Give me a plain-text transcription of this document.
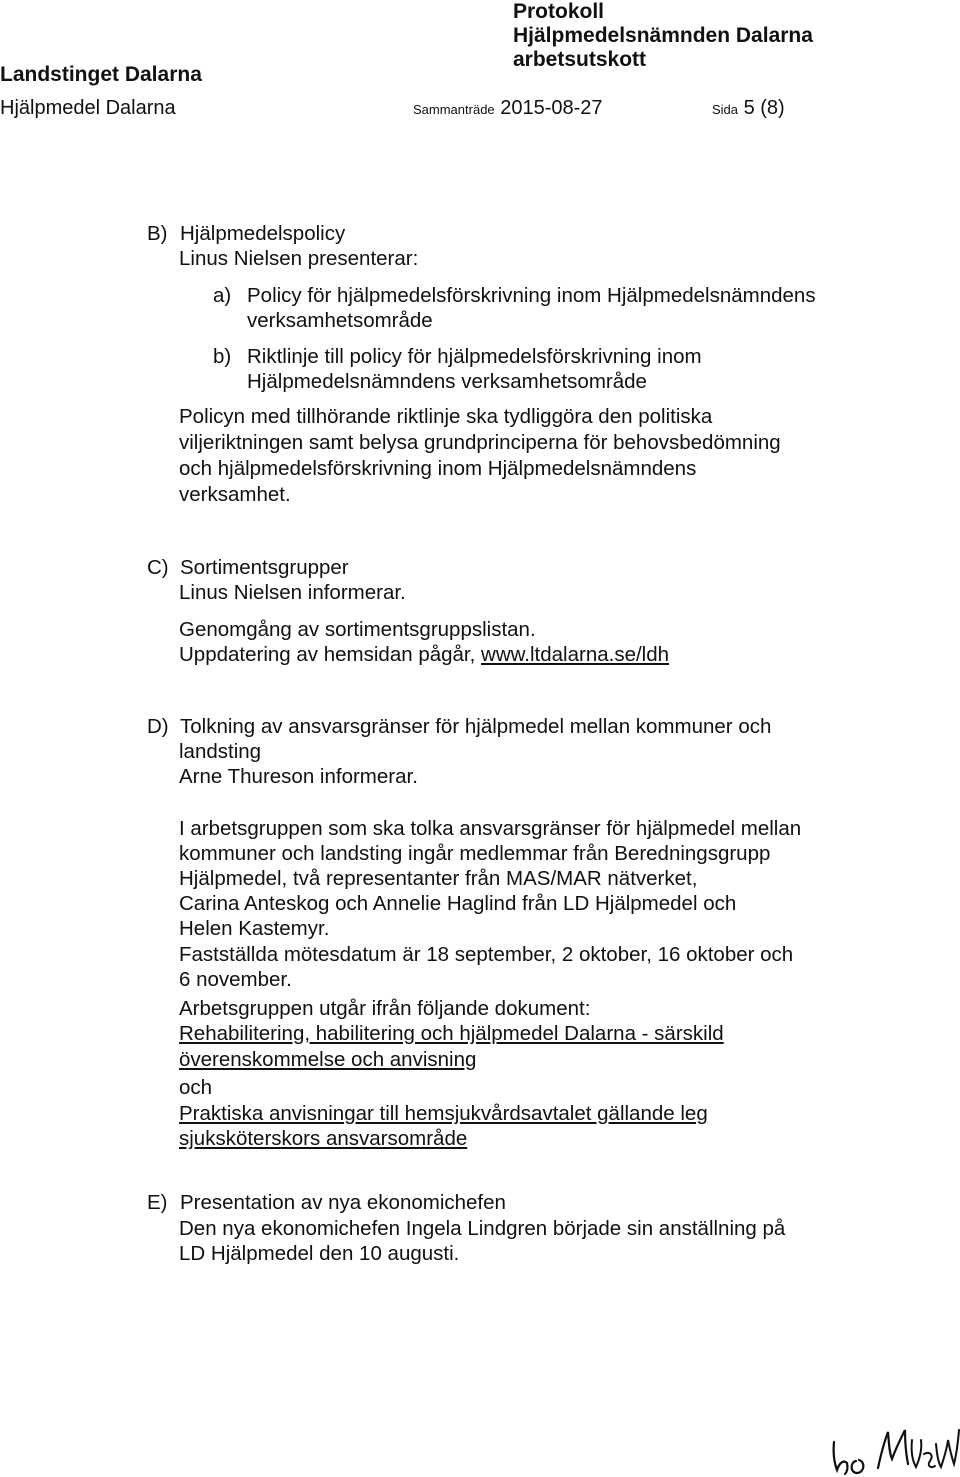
Protokoll
Hjälpmedelsnämnden Dalarna
arbetsutskott
Landstinget Dalarna
Hjälpmedel Dalarna	Sammanträde 2015-08-27	Sida 5 (8)
B) Hjälpmedelspolicy
Linus Nielsen presenterar:
a) Policy för hjälpmedelsförskrivning inom Hjälpmedelsnämndens
verksamhetsområde
b) Riktlinje till policy för hjälpmedelsförskrivning inom
Hjälpmedelsnämndens verksamhetsområde
Policyn med tillhörande riktlinje ska tydliggöra den politiska
viljeriktningen samt belysa grundprinciperna för behovsbedömning
och hjälpmedelsförskrivning inom Hjälpmedelsnämndens
verksamhet.
C) Sortimentsgrupper
Linus Nielsen informerar.
Genomgång av sortimentsgruppslistan.
Uppdatering av hemsidan pågår, www.ltdalarna.se/ldh
D) Tolkning av ansvarsgränser för hjälpmedel mellan kommuner och
landsting
Arne Thureson informerar.
I arbetsgruppen som ska tolka ansvarsgränser för hjälpmedel mellan
kommuner och landsting ingår medlemmar från Beredningsgrupp
Hjälpmedel, två representanter från MAS/MAR nätverket,
Carina Anteskog och Annelie Haglind från LD Hjälpmedel och
Helen Kastemyr.
Fastställda mötesdatum är 18 september, 2 oktober, 16 oktober och
6 november.
Arbetsgruppen utgår ifrån följande dokument:
Rehabilitering, habilitering och hjälpmedel Dalarna - särskild
överenskommelse och anvisning
och
Praktiska anvisningar till hemsjukvårdsavtalet gällande leg
sjuksköterskors ansvarsområde
E) Presentation av nya ekonomichefen
Den nya ekonomichefen Ingela Lindgren började sin anställning på
LD Hjälpmedel den 10 augusti.
